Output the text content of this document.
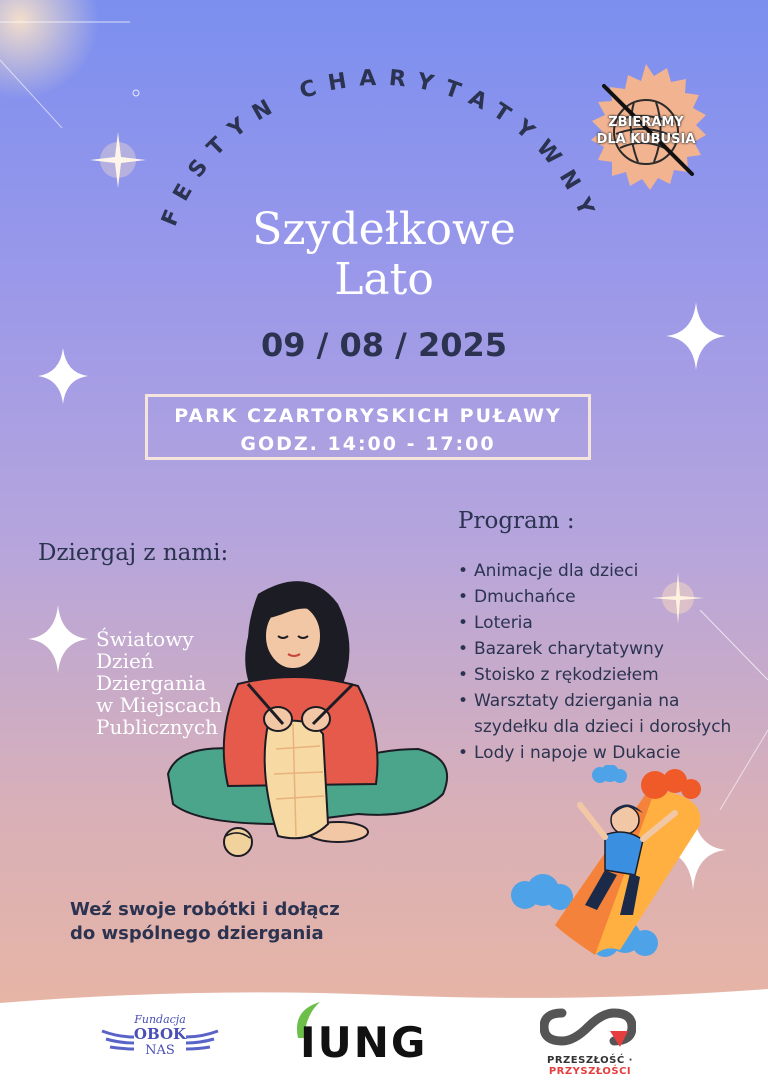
ZBIERAMY
DLA KUBUSIA
FESTYN CHARYTATYWNY
Szydełkowe
Lato
09 / 08 / 2025
PARK CZARTORYSKICH PUŁAWY
GODZ. 14:00 - 17:00
Dziergaj z nami:
Program :
• Animacje dla dzieci
• Dmuchańce
• Loteria
• Bazarek charytatywny
• Stoisko z rękodziełem
• Warsztaty dziergania na szydełku dla dzieci i dorosłych
• Lody i napoje w Dukacie
Światowy
Dzień
Dziergania
w Miejscach
Publicznych
Weź swoje robótki i dołącz
do wspólnego dziergania
Fundacja
OBOK
NAS	IUNG	PRZESZŁOŚĆ · PRZYSZŁOŚCI
